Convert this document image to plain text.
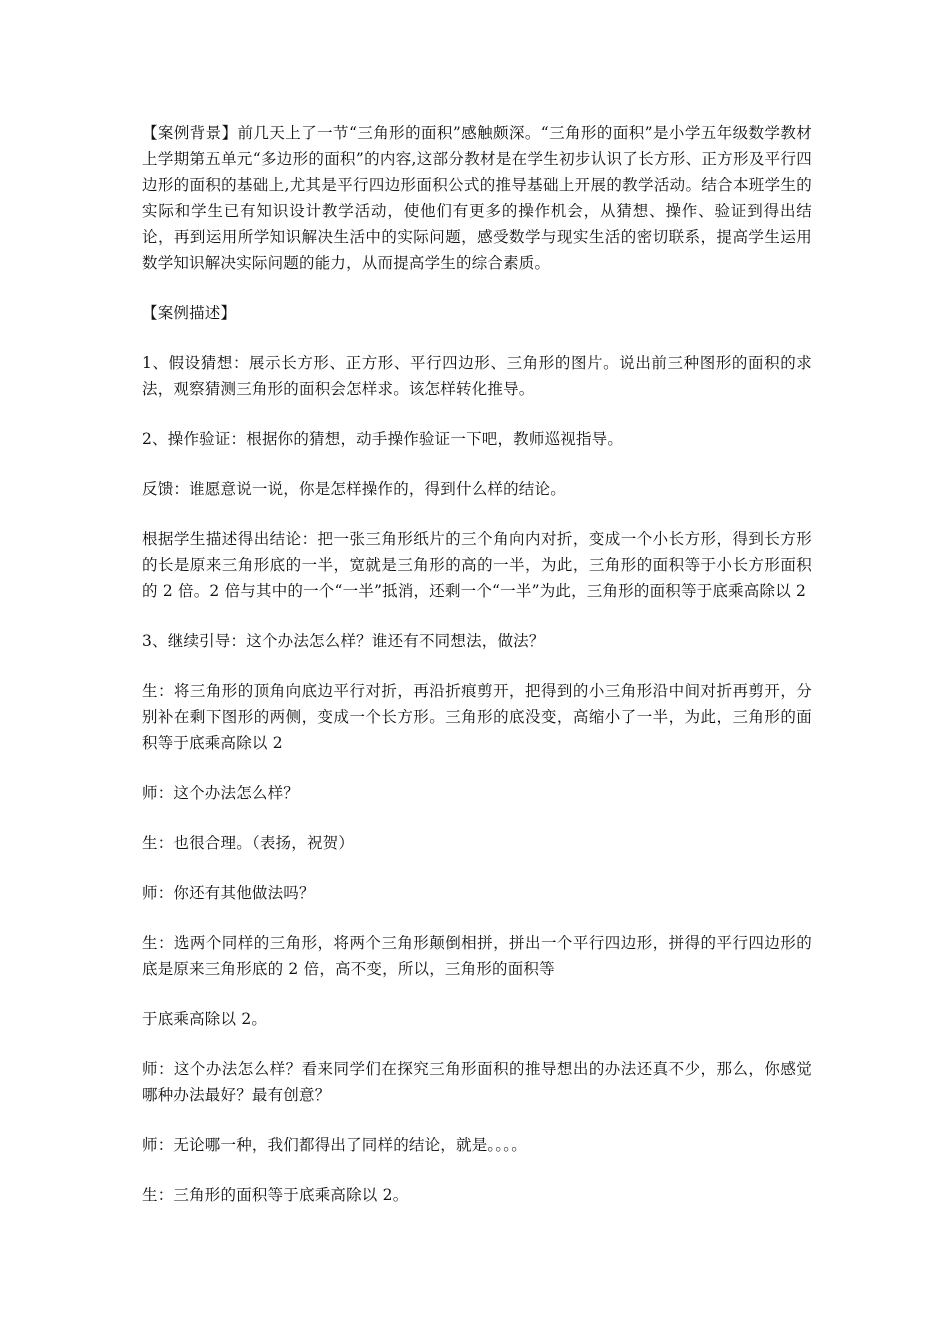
【案例背景】前几天上了一节“三角形的面积”感触颇深。“三角形的面积”是小学五年级数学教材上学期第五单元“多边形的面积”的内容,这部分教材是在学生初步认识了长方形、正方形及平行四边形的面积的基础上,尤其是平行四边形面积公式的推导基础上开展的教学活动。结合本班学生的实际和学生已有知识设计教学活动，使他们有更多的操作机会，从猜想、操作、验证到得出结论，再到运用所学知识解决生活中的实际问题，感受数学与现实生活的密切联系，提高学生运用数学知识解决实际问题的能力，从而提高学生的综合素质。

【案例描述】

1、假设猜想：展示长方形、正方形、平行四边形、三角形的图片。说出前三种图形的面积的求法，观察猜测三角形的面积会怎样求。该怎样转化推导。

2、操作验证：根据你的猜想，动手操作验证一下吧，教师巡视指导。

反馈：谁愿意说一说，你是怎样操作的，得到什么样的结论。

根据学生描述得出结论：把一张三角形纸片的三个角向内对折，变成一个小长方形，得到长方形的长是原来三角形底的一半，宽就是三角形的高的一半，为此，三角形的面积等于小长方形面积的 2 倍。2 倍与其中的一个“一半”抵消，还剩一个“一半”为此，三角形的面积等于底乘高除以 2

3、继续引导：这个办法怎么样？谁还有不同想法，做法？

生：将三角形的顶角向底边平行对折，再沿折痕剪开，把得到的小三角形沿中间对折再剪开，分别补在剩下图形的两侧，变成一个长方形。三角形的底没变，高缩小了一半，为此，三角形的面积等于底乘高除以 2

师：这个办法怎么样？

生：也很合理。（表扬，祝贺）

师：你还有其他做法吗？

生：选两个同样的三角形，将两个三角形颠倒相拼，拼出一个平行四边形，拼得的平行四边形的底是原来三角形底的 2 倍，高不变，所以，三角形的面积等

于底乘高除以 2。

师：这个办法怎么样？看来同学们在探究三角形面积的推导想出的办法还真不少，那么，你感觉哪种办法最好？最有创意？

师：无论哪一种，我们都得出了同样的结论，就是。。。。

生：三角形的面积等于底乘高除以 2。
